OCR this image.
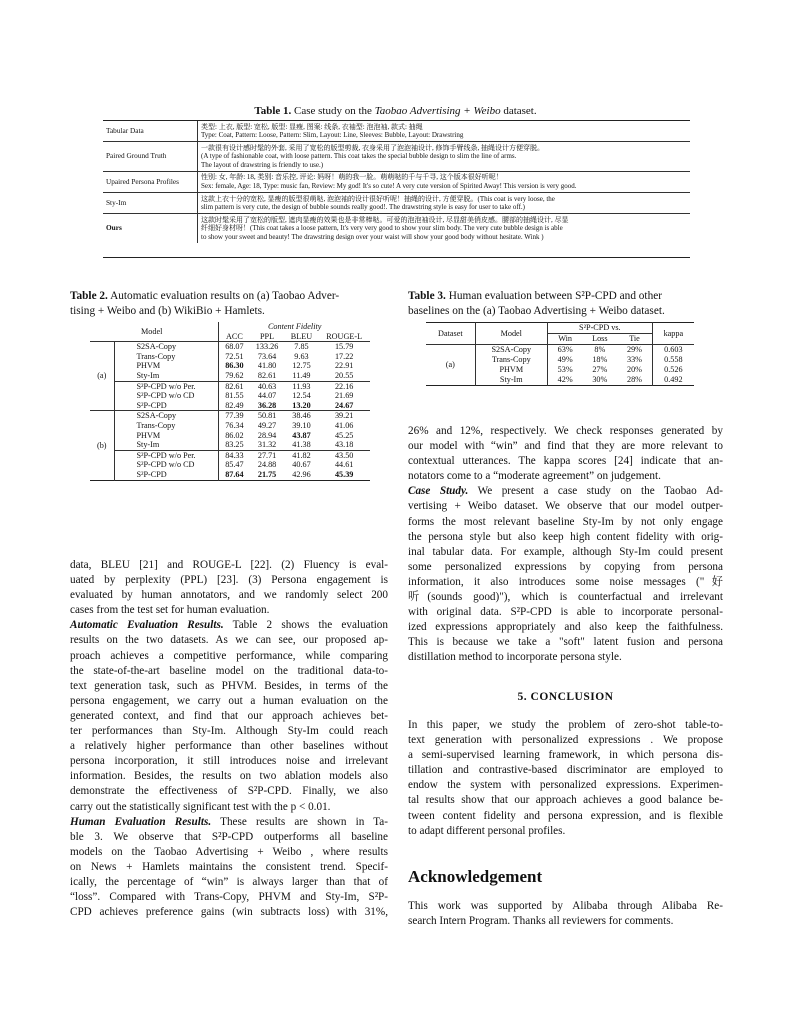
Table 1. Case study on the Taobao Advertising + Weibo dataset.
Tabular Data	类型: 上衣, 版型: 宽松, 版型: 显瘦, 图案: 线条, 衣袖型: 泡泡袖, 款式: 抽绳
Type: Coat, Pattern: Loose, Pattern: Slim, Layout: Line, Sleeves: Bubble, Layout: Drawstring

Paired Ground Truth	一款很有设计感时髦的外套, 采用了宽松的版型剪裁, 衣身采用了泡泡袖设计, 修饰手臂线条, 抽绳设计方便穿脱。
(A type of fashionable coat, with loose pattern. This coat takes the special bubble design to slim the line of arms.
The layout of drawstring is friendly to use.)

Upaired Persona Profiles	性别: 女, 年龄: 18, 类别: 音乐控, 评论: 妈呀！萌的我一脸。萌萌哒的千与千寻, 这个版本很好听呢！
Sex: female, Age: 18, Type: music fan, Review: My god! It's so cute! A very cute version of Spirited Away! This version is very good.

Sty-Im	这款上衣十分的宽松, 显瘦的版型很萌哒, 泡泡袖的设计很好听呢！抽绳的设计, 方便穿脱。(This coat is very loose, the
slim pattern is very cute, the design of bubble sounds really good!. The drawstring style is easy for user to take off.)

Ours	这款时髦采用了宽松的版型, 遮肉显瘦的效果也是非常棒哒。可爱的泡泡袖设计, 尽显甜美俏皮感。腰部的抽绳设计, 尽显
纤细好身材呀！(This coat takes a loose pattern, It's very very good to show your slim body. The very cute bubble design is able
to show your sweet and beauty! The drawstring design over your waist will show your good body without hesitate. Wink )
Table 2. Automatic evaluation results on (a) Taobao Adver-
tising + Weibo and (b) WikiBio + Hamlets.
	Model	Content Fidelity			
		ACC	PPL	BLEU	ROUGE-L
(a)	S2SA-Copy	68.07	133.26	7.85	15.79
	Trans-Copy	72.51	73.64	9.63	17.22
	PHVM	86.30	41.80	12.75	22.91
	Sty-Im	79.62	82.61	11.49	20.55
	S²P-CPD w/o Per.	82.61	40.63	11.93	22.16
	S²P-CPD w/o CD	81.55	44.07	12.54	21.69
	S²P-CPD	82.49	36.28	13.20	24.67
(b)	S2SA-Copy	77.39	50.81	38.46	39.21
	Trans-Copy	76.34	49.27	39.10	41.06
	PHVM	86.02	28.94	43.87	45.25
	Sty-Im	83.25	31.32	41.38	43.18
	S²P-CPD w/o Per.	84.33	27.71	41.82	43.50
	S²P-CPD w/o CD	85.47	24.88	40.67	44.61
	S²P-CPD	87.64	21.75	42.96	45.39
Table 3. Human evaluation between S²P-CPD and other
baselines on the (a) Taobao Advertising + Weibo dataset.
Dataset	Model	S²P-CPD vs.			kappa
		Win	Loss	Tie	
(a)	S2SA-Copy	63%	8%	29%	0.603
	Trans-Copy	49%	18%	33%	0.558
	PHVM	53%	27%	20%	0.526
	Sty-Im	42%	30%	28%	0.492
data, BLEU [21] and ROUGE-L [22]. (2) Fluency is eval-
uated by perplexity (PPL) [23]. (3) Persona engagement is
evaluated by human annotators, and we randomly select 200
cases from the test set for human evaluation.
Automatic Evaluation Results. Table 2 shows the evaluation
results on the two datasets. As we can see, our proposed ap-
proach achieves a competitive performance, while comparing
the state-of-the-art baseline model on the traditional data-to-
text generation task, such as PHVM. Besides, in terms of the
persona engagement, we carry out a human evaluation on the
generated context, and find that our approach achieves bet-
ter performances than Sty-Im. Although Sty-Im could reach
a relatively higher performance than other baselines without
persona incorporation, it still introduces noise and irrelevant
information. Besides, the results on two ablation models also
demonstrate the effectiveness of S²P-CPD. Finally, we also
carry out the statistically significant test with the p < 0.01.
Human Evaluation Results. These results are shown in Ta-
ble 3. We observe that S²P-CPD outperforms all baseline
models on the Taobao Advertising + Weibo , where results
on News + Hamlets maintains the consistent trend. Specif-
ically, the percentage of “win” is always larger than that of
“loss”. Compared with Trans-Copy, PHVM and Sty-Im, S²P-
CPD achieves preference gains (win subtracts loss) with 31%,
26% and 12%, respectively. We check responses generated by
our model with “win” and find that they are more relevant to
contextual utterances. The kappa scores [24] indicate that an-
notators come to a “moderate agreement” on judgement.
Case Study. We present a case study on the Taobao Ad-
vertising + Weibo dataset. We observe that our model outper-
forms the most relevant baseline Sty-Im by not only engage
the persona style but also keep high content fidelity with orig-
inal tabular data. For example, although Sty-Im could present
some personalized expressions by copying from persona
information, it also introduces some noise messages ("好
听(sounds good)"), which is counterfactual and irrelevant
with original data. S²P-CPD is able to incorporate personal-
ized expressions appropriately and also keep the faithfulness.
This is because we take a "soft" latent fusion and persona
distillation method to incorporate persona style.
5. CONCLUSION
In this paper, we study the problem of zero-shot table-to-
text generation with personalized expressions . We propose
a semi-supervised learning framework, in which persona dis-
tillation and contrastive-based discriminator are employed to
endow the system with personalized expressions. Experimen-
tal results show that our approach achieves a good balance be-
tween content fidelity and persona expression, and is flexible
to adapt different personal profiles.
Acknowledgement
This work was supported by Alibaba through Alibaba Re-
search Intern Program. Thanks all reviewers for comments.
